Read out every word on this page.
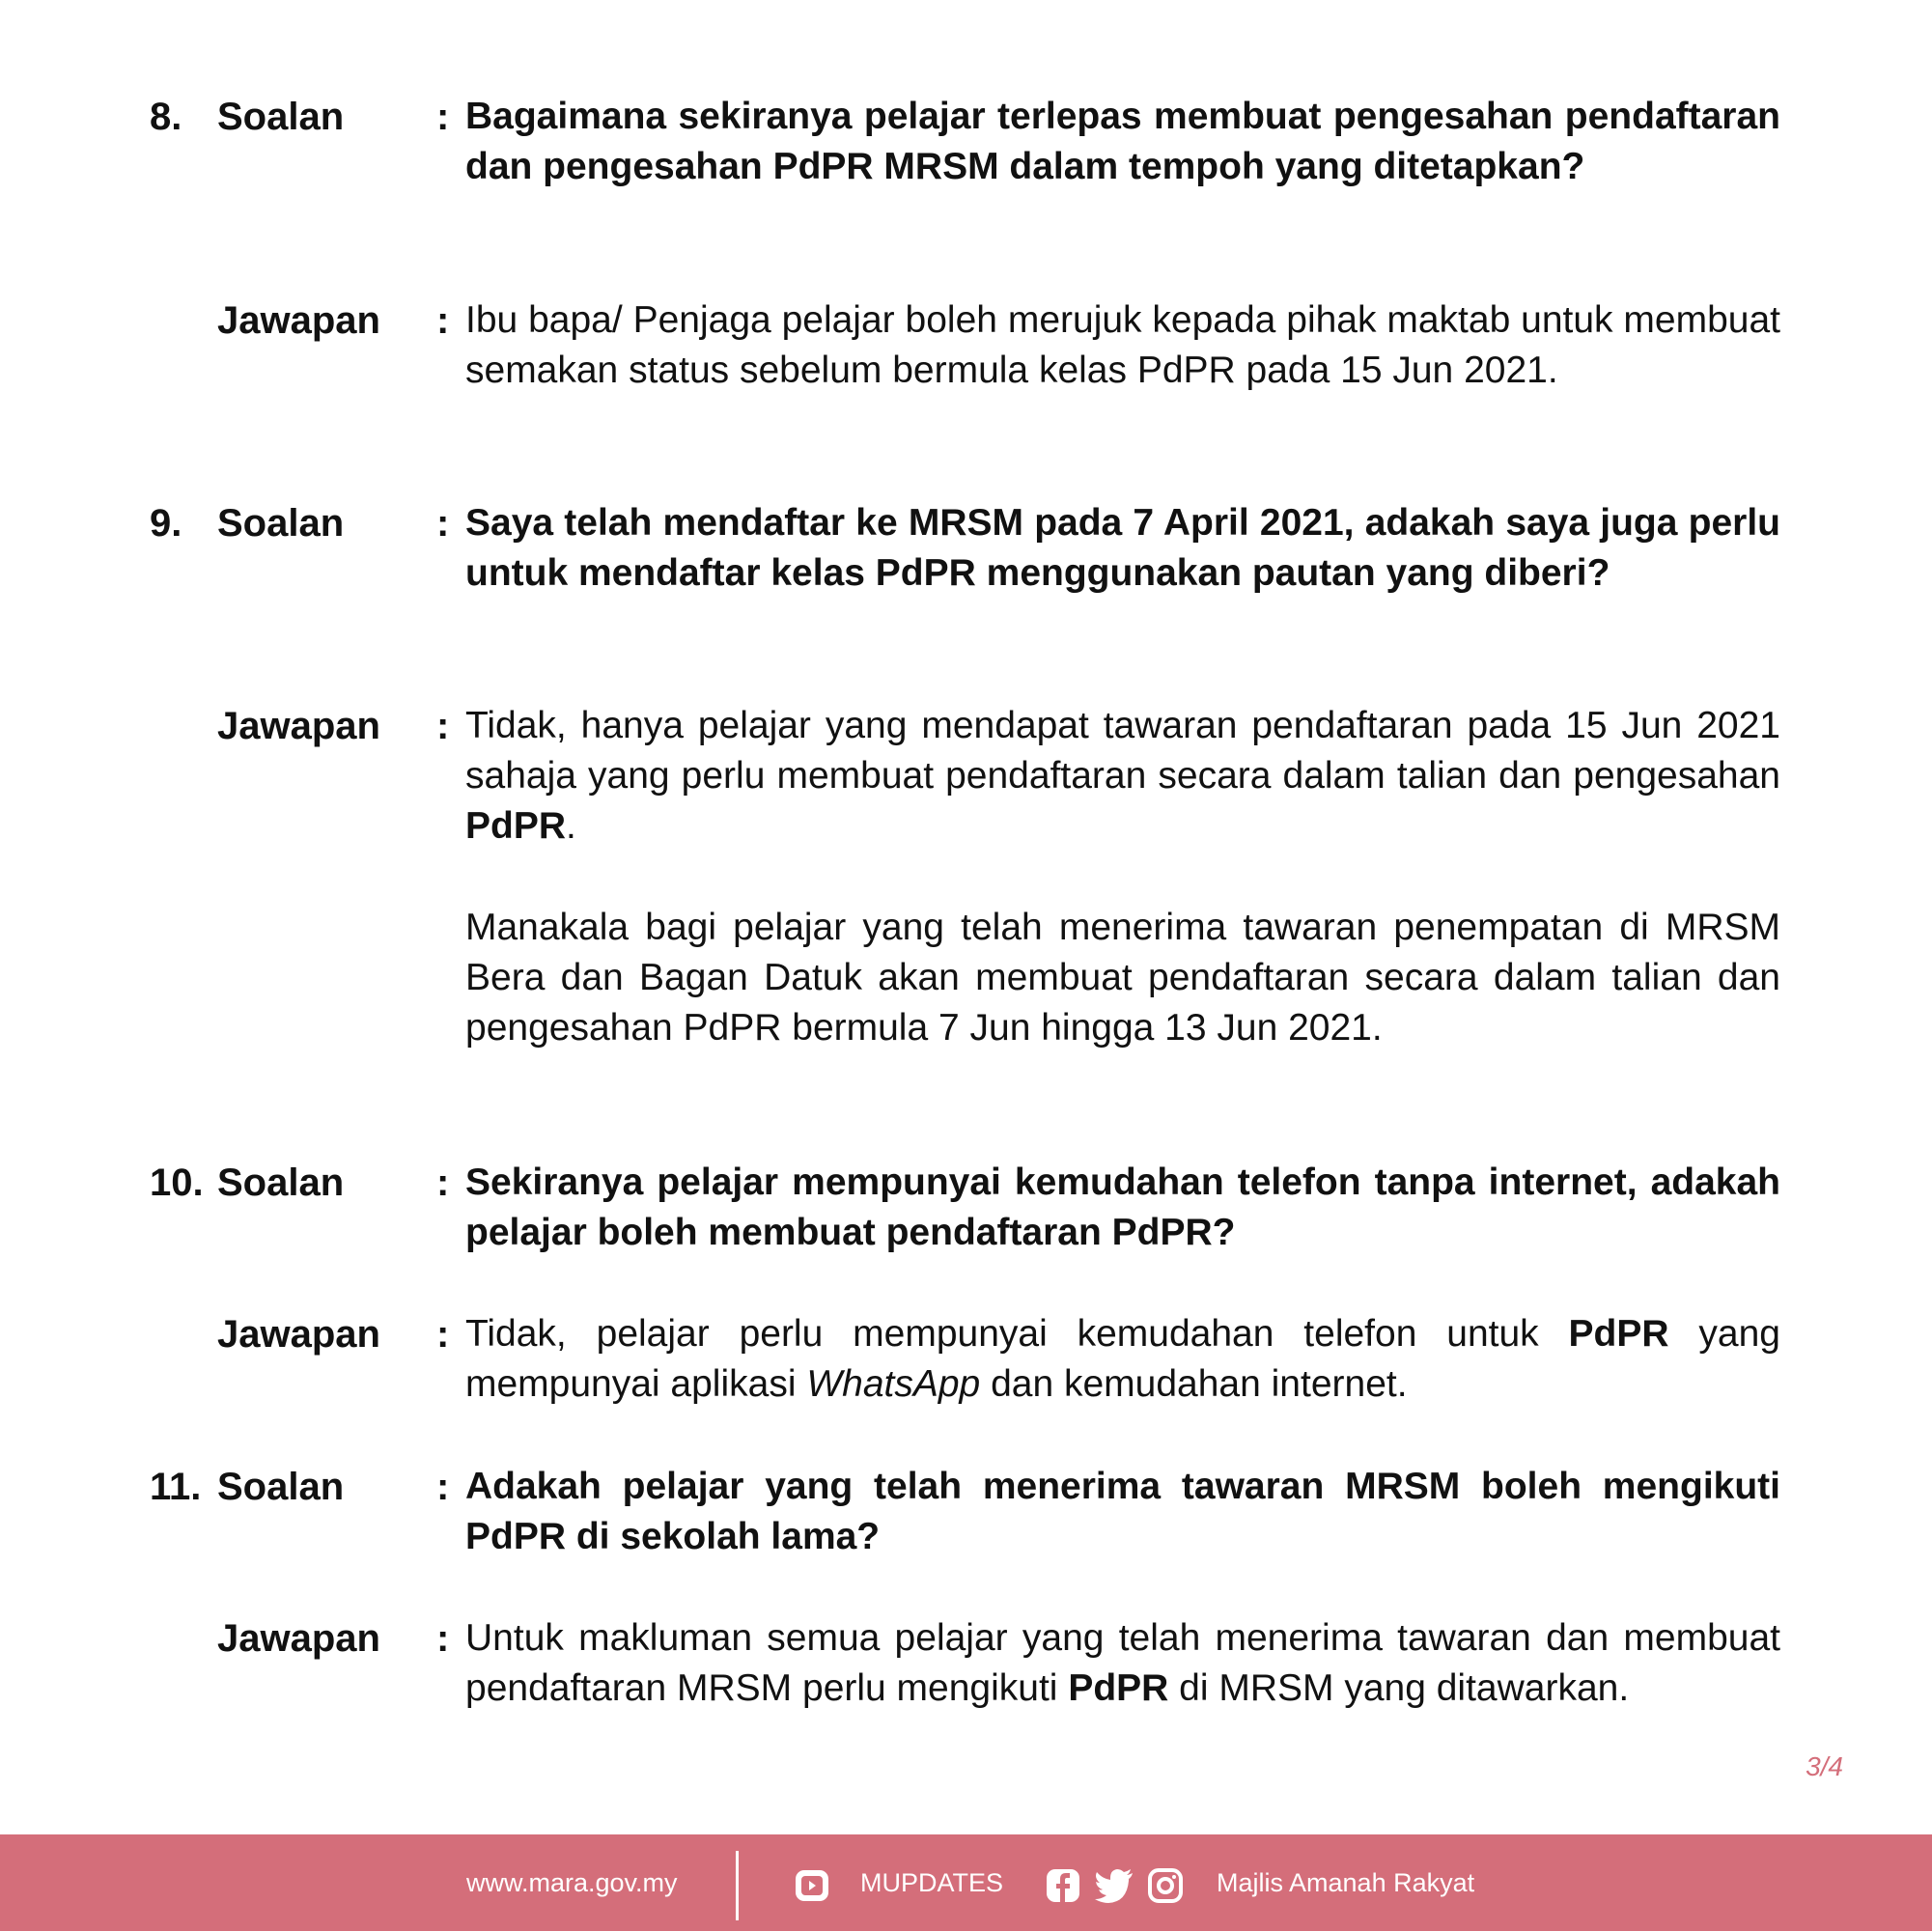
8. Soalan : Bagaimana sekiranya pelajar terlepas membuat pengesahan pendaftaran dan pengesahan PdPR MRSM dalam tempoh yang ditetapkan?
Jawapan : Ibu bapa/ Penjaga pelajar boleh merujuk kepada pihak maktab untuk membuat semakan status sebelum bermula kelas PdPR pada 15 Jun 2021.
9. Soalan : Saya telah mendaftar ke MRSM pada 7 April 2021, adakah saya juga perlu untuk mendaftar kelas PdPR menggunakan pautan yang diberi?
Jawapan : Tidak, hanya pelajar yang mendapat tawaran pendaftaran pada 15 Jun 2021 sahaja yang perlu membuat pendaftaran secara dalam talian dan pengesahan PdPR.
Manakala bagi pelajar yang telah menerima tawaran penempatan di MRSM Bera dan Bagan Datuk akan membuat pendaftaran secara dalam talian dan pengesahan PdPR bermula 7 Jun hingga 13 Jun 2021.
10. Soalan : Sekiranya pelajar mempunyai kemudahan telefon tanpa internet, adakah pelajar boleh membuat pendaftaran PdPR?
Jawapan : Tidak, pelajar perlu mempunyai kemudahan telefon untuk PdPR yang mempunyai aplikasi WhatsApp dan kemudahan internet.
11. Soalan : Adakah pelajar yang telah menerima tawaran MRSM boleh mengikuti PdPR di sekolah lama?
Jawapan : Untuk makluman semua pelajar yang telah menerima tawaran dan membuat pendaftaran MRSM perlu mengikuti PdPR di MRSM yang ditawarkan.
3/4
www.mara.gov.my	MUPDATES	Majlis Amanah Rakyat
